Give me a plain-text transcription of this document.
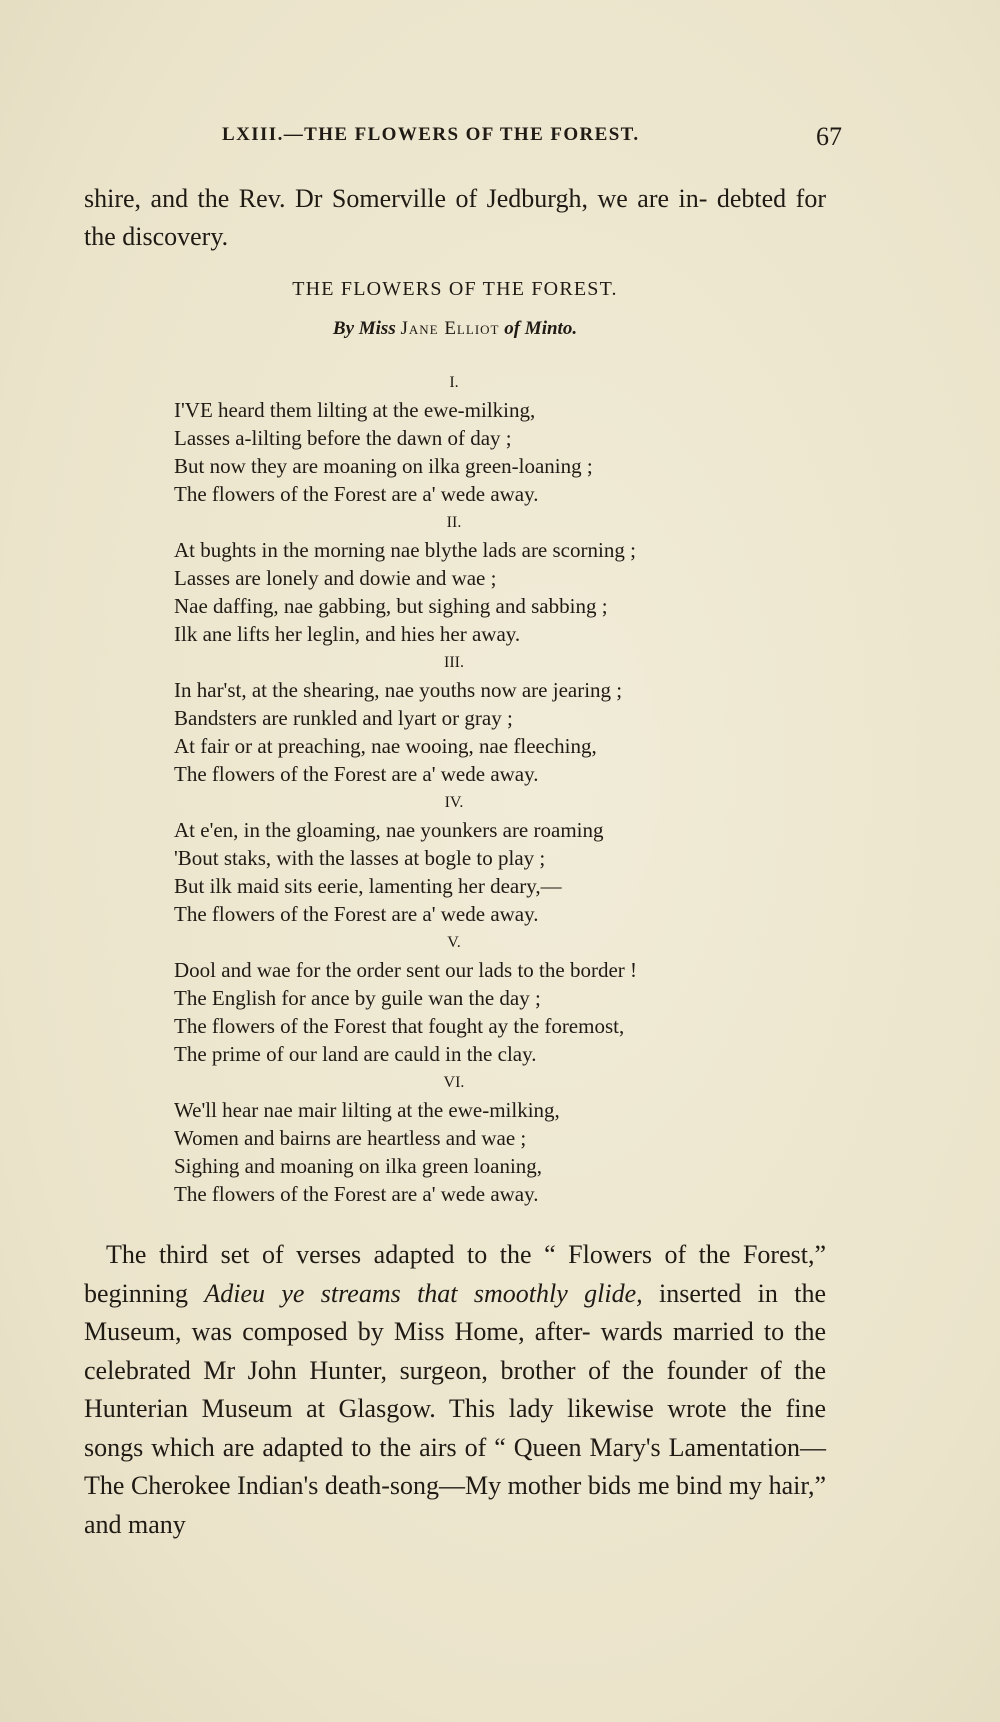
LXIII.—THE FLOWERS OF THE FOREST.	67

shire, and the Rev. Dr Somerville of Jedburgh, we are in- debted for the discovery.

THE FLOWERS OF THE FOREST.
By Miss Jane Elliot of Minto.
I.
I'VE heard them lilting at the ewe-milking,
Lasses a-lilting before the dawn of day ;
But now they are moaning on ilka green-loaning ;
The flowers of the Forest are a' wede away.
II.
At bughts in the morning nae blythe lads are scorning ;
Lasses are lonely and dowie and wae ;
Nae daffing, nae gabbing, but sighing and sabbing ;
Ilk ane lifts her leglin, and hies her away.
III.
In har'st, at the shearing, nae youths now are jearing ;
Bandsters are runkled and lyart or gray ;
At fair or at preaching, nae wooing, nae fleeching,
The flowers of the Forest are a' wede away.
IV.
At e'en, in the gloaming, nae younkers are roaming
'Bout staks, with the lasses at bogle to play ;
But ilk maid sits eerie, lamenting her deary,—
The flowers of the Forest are a' wede away.
V.
Dool and wae for the order sent our lads to the border !
The English for ance by guile wan the day ;
The flowers of the Forest that fought ay the foremost,
The prime of our land are cauld in the clay.
VI.
We'll hear nae mair lilting at the ewe-milking,
Women and bairns are heartless and wae ;
Sighing and moaning on ilka green loaning,
The flowers of the Forest are a' wede away.

The third set of verses adapted to the “ Flowers of the Forest,” beginning Adieu ye streams that smoothly glide, inserted in the Museum, was composed by Miss Home, after- wards married to the celebrated Mr John Hunter, surgeon, brother of the founder of the Hunterian Museum at Glasgow. This lady likewise wrote the fine songs which are adapted to the airs of “ Queen Mary's Lamentation—The Cherokee Indian's death-song—My mother bids me bind my hair,” and many
